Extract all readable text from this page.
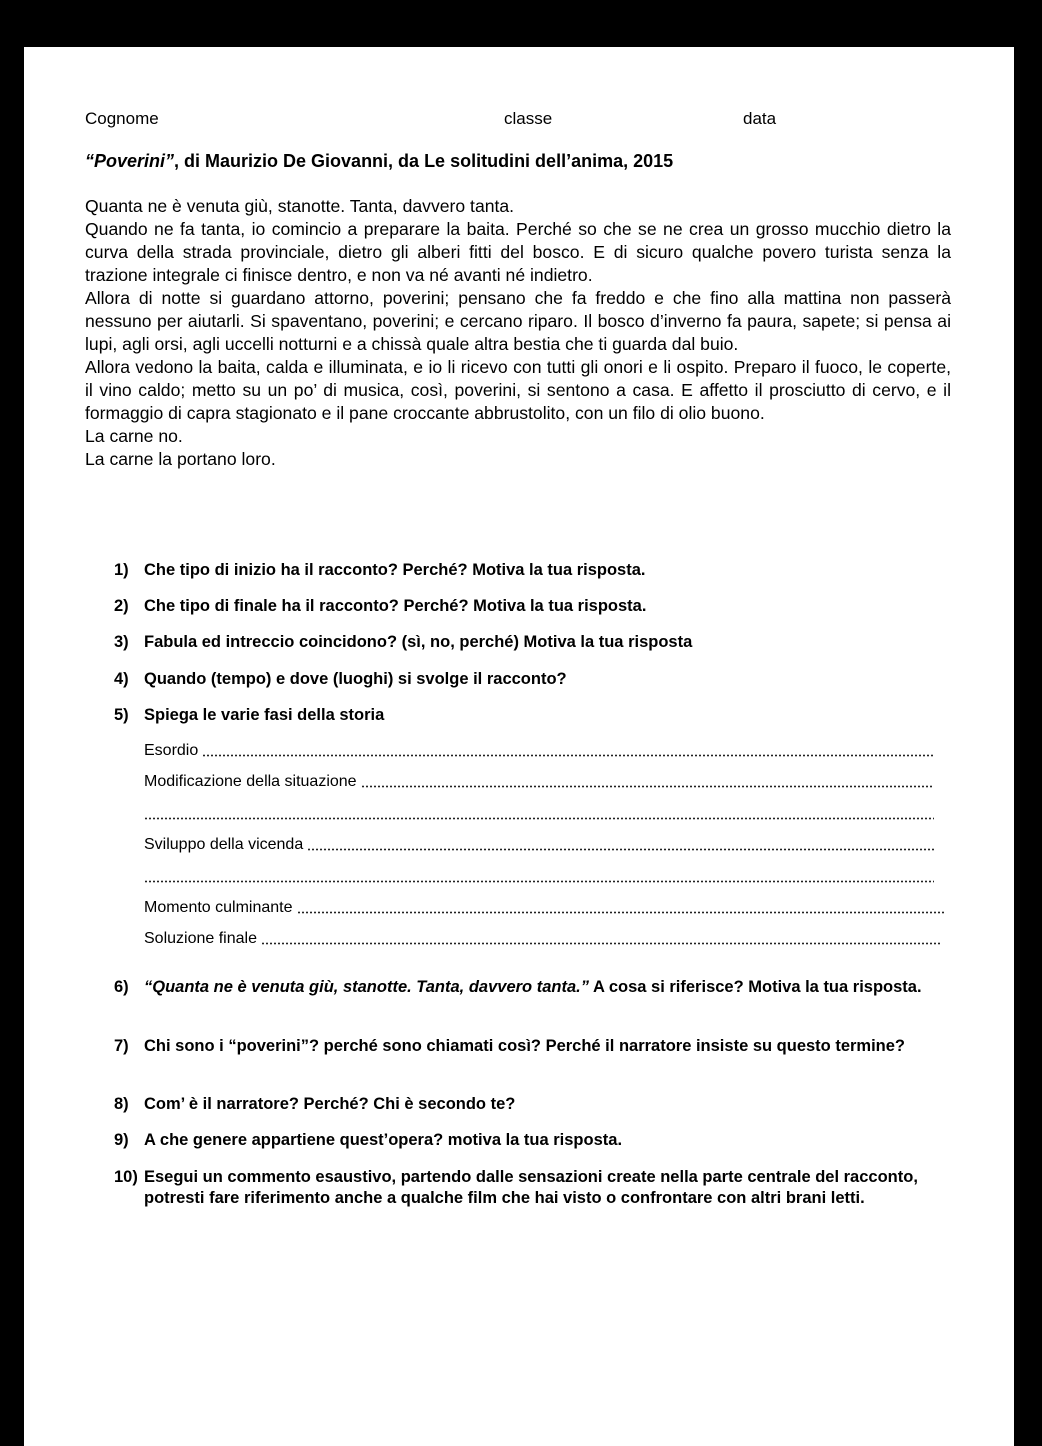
Cognome	classe	data
“Poverini”, di Maurizio De Giovanni, da Le solitudini dell’anima, 2015

Quanta ne è venuta giù, stanotte. Tanta, davvero tanta.

Quando ne fa tanta, io comincio a preparare la baita. Perché so che se ne crea un grosso mucchio dietro la curva della strada provinciale, dietro gli alberi fitti del bosco. E di sicuro qualche povero turista senza la trazione integrale ci finisce dentro, e non va né avanti né indietro.

Allora di notte si guardano attorno, poverini; pensano che fa freddo e che fino alla mattina non passerà nessuno per aiutarli. Si spaventano, poverini; e cercano riparo. Il bosco d’inverno fa paura, sapete; si pensa ai lupi, agli orsi, agli uccelli notturni e a chissà quale altra bestia che ti guarda dal buio.

Allora vedono la baita, calda e illuminata, e io li ricevo con tutti gli onori e li ospito. Preparo il fuoco, le coperte, il vino caldo; metto su un po’ di musica, così, poverini, si sentono a casa. E affetto il prosciutto di cervo, e il formaggio di capra stagionato e il pane croccante abbrustolito, con un filo di olio buono.

La carne no.

La carne la portano loro.

1) Che tipo di inizio ha il racconto? Perché? Motiva la tua risposta.
2) Che tipo di finale ha il racconto? Perché? Motiva la tua risposta.
3) Fabula ed intreccio coincidono? (sì, no, perché) Motiva la tua risposta
4) Quando (tempo) e dove (luoghi) si svolge il racconto?
5) Spiega le varie fasi della storia
Esordio
Modificazione della situazione
Sviluppo della vicenda
Momento culminante
Soluzione finale
6) “Quanta ne è venuta giù, stanotte. Tanta, davvero tanta.” A cosa si riferisce? Motiva la tua risposta.
7) Chi sono i “poverini”? perché sono chiamati così? Perché il narratore insiste su questo termine?
8) Com’ è il narratore? Perché? Chi è secondo te?
9) A che genere appartiene quest’opera? motiva la tua risposta.
10) Esegui un commento esaustivo, partendo dalle sensazioni create nella parte centrale del racconto, potresti fare riferimento anche a qualche film che hai visto o confrontare con altri brani letti.
